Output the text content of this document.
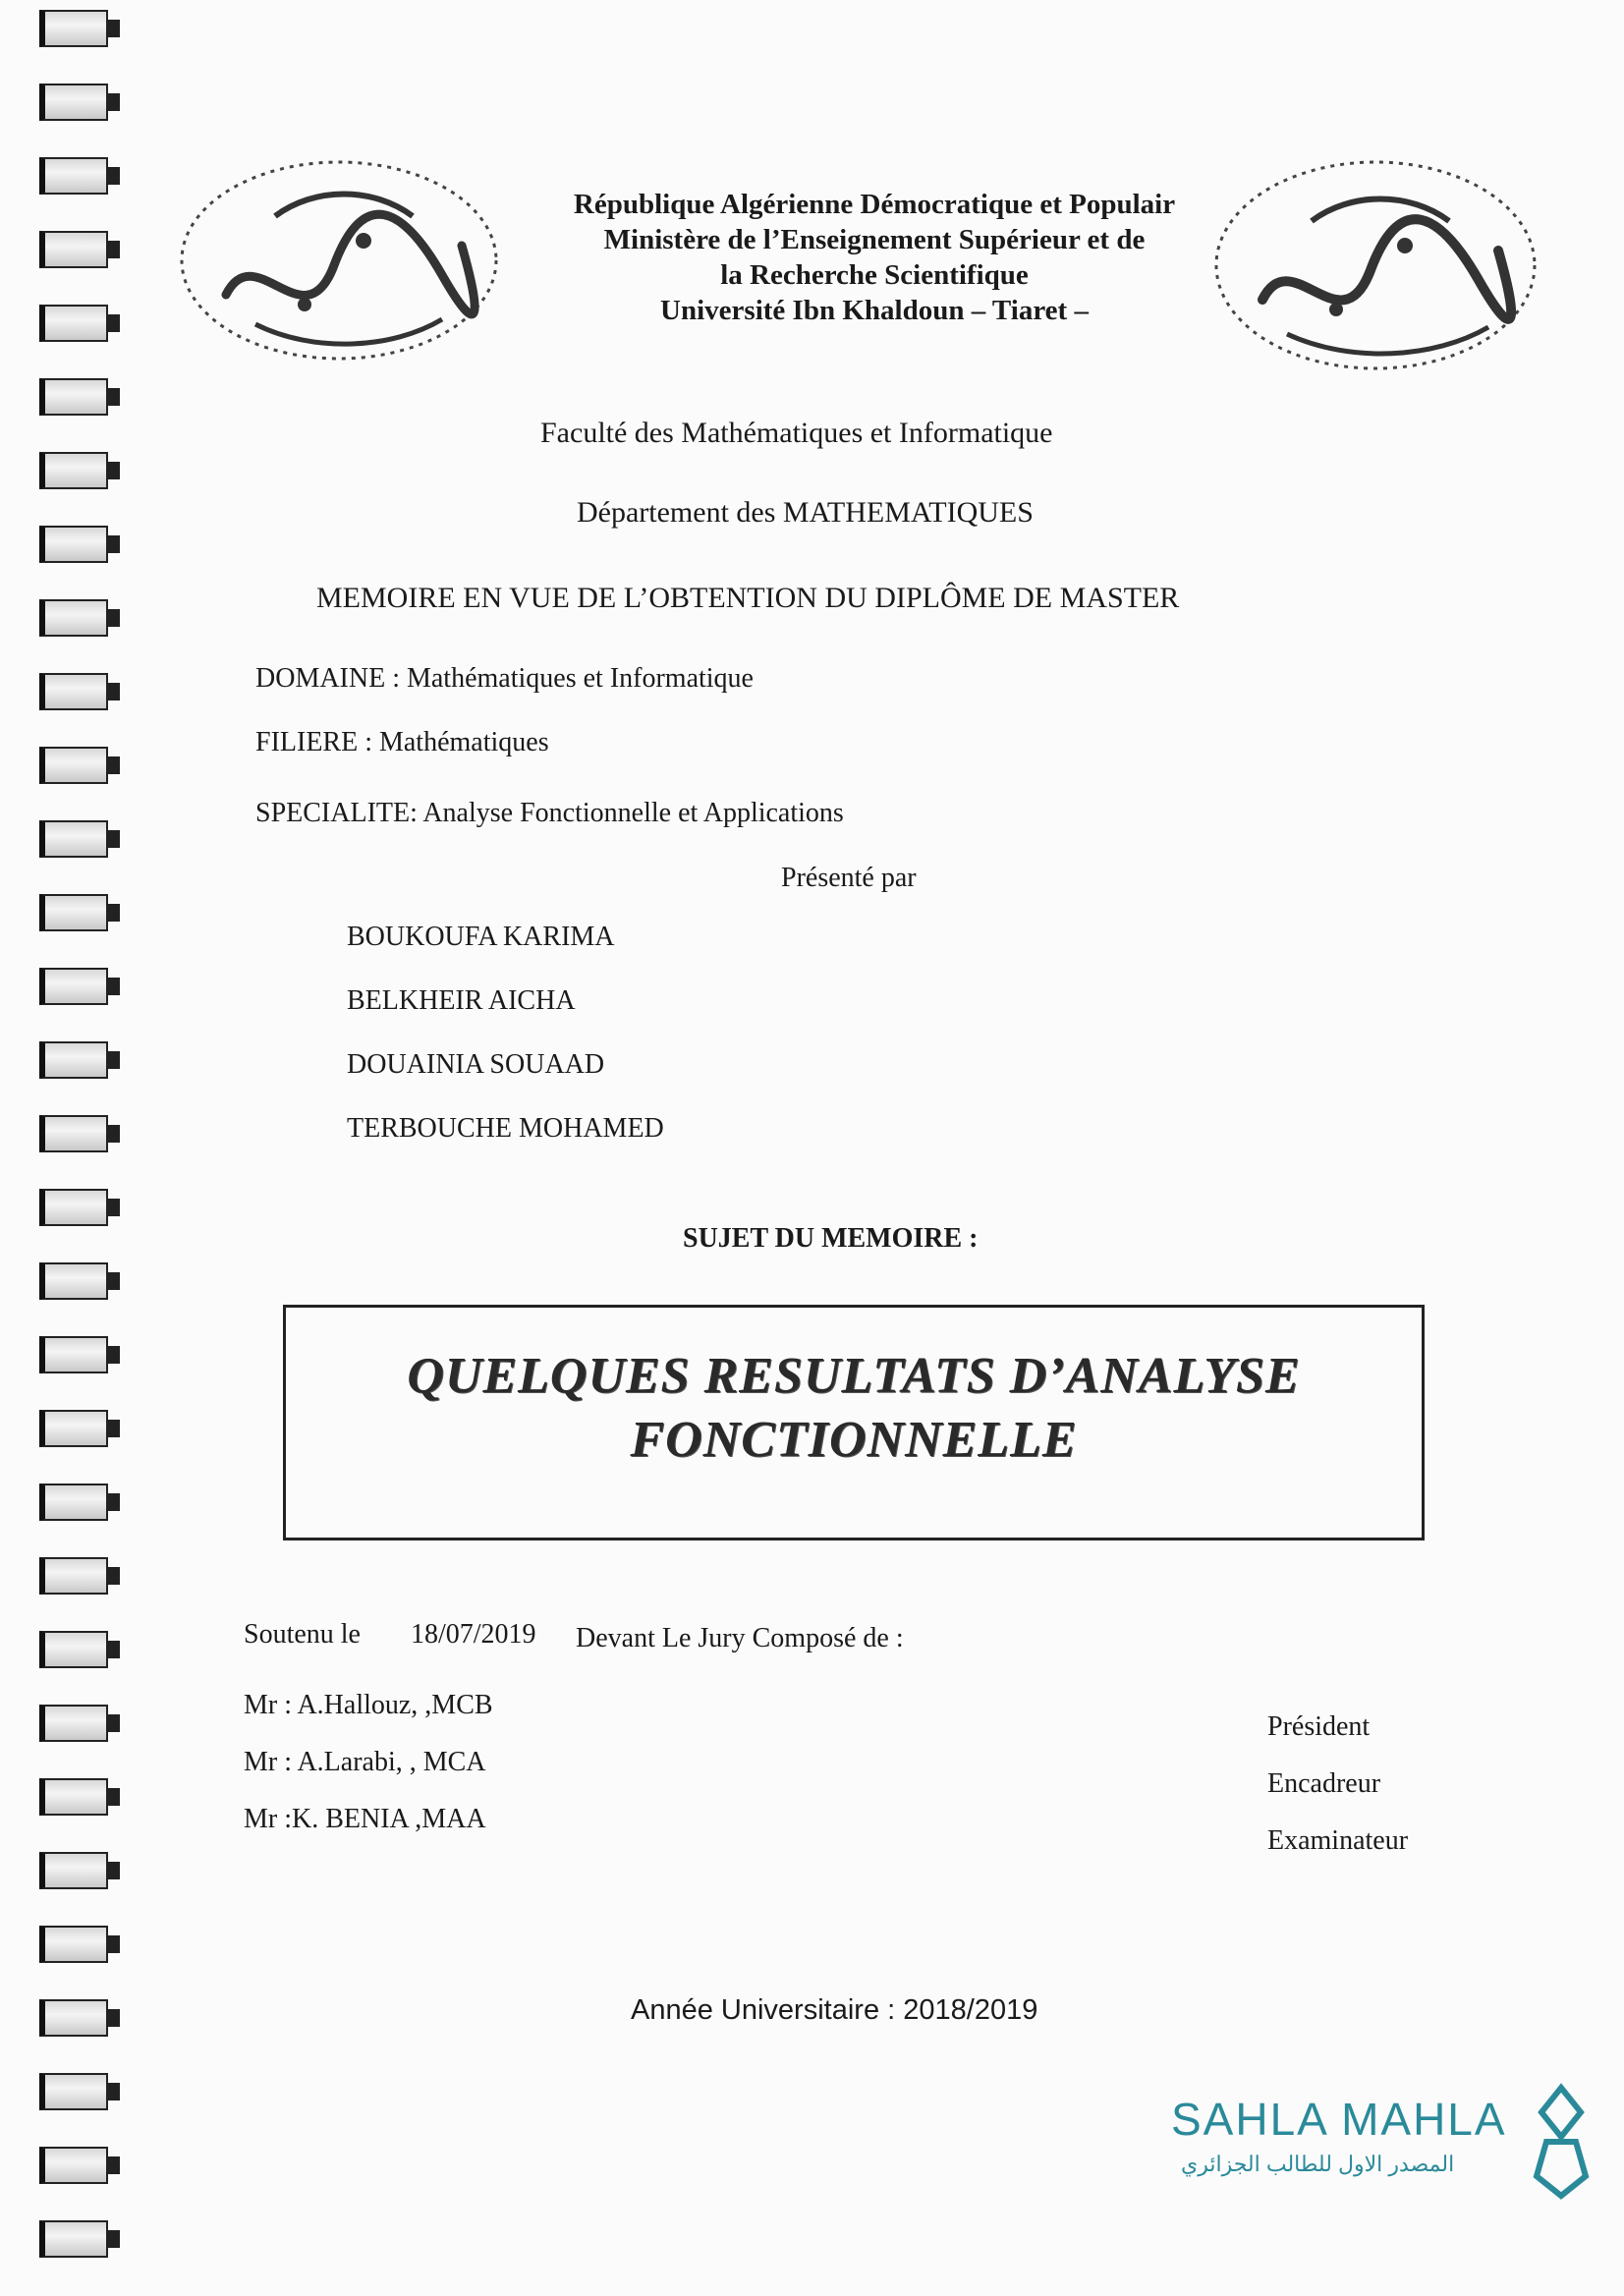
République Algérienne Démocratique et Populair
Ministère de l’Enseignement Supérieur et de
la Recherche Scientifique
Université Ibn Khaldoun – Tiaret –
Faculté des Mathématiques et Informatique
Département des MATHEMATIQUES
MEMOIRE EN VUE DE L’OBTENTION DU DIPLÔME DE MASTER
DOMAINE : Mathématiques et Informatique
FILIERE : Mathématiques
SPECIALITE: Analyse Fonctionnelle et Applications
Présenté par
BOUKOUFA KARIMA
BELKHEIR AICHA
DOUAINIA SOUAAD
TERBOUCHE MOHAMED
SUJET DU MEMOIRE :
QUELQUES RESULTATS D’ANALYSE
FONCTIONNELLE
Soutenu le 18/07/2019 Devant Le Jury Composé de :
Mr : A.Hallouz, ,MCB
Mr : A.Larabi, , MCA
Mr :K. BENIA ,MAA
Président
Encadreur
Examinateur
Année Universitaire : 2018/2019
SAHLA MAHLA
المصدر الاول للطالب الجزائري
